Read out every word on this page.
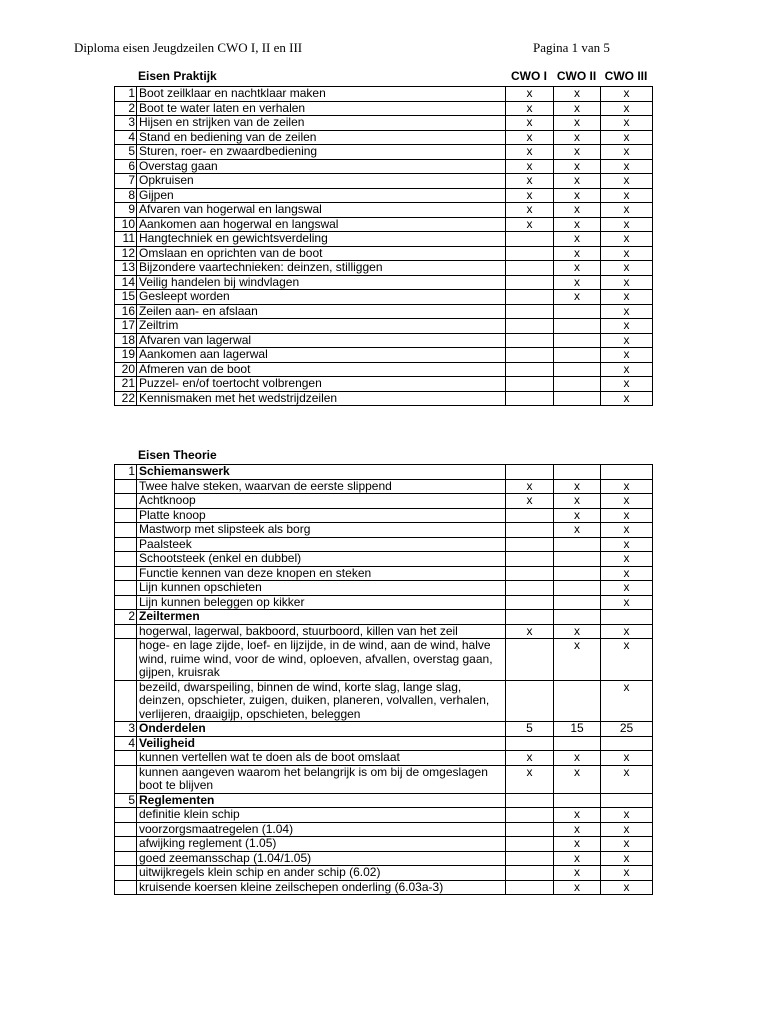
Diploma eisen Jeugdzeilen CWO I, II en III	Pagina 1 van 5
Eisen Praktijk	CWO I CWO II CWO III
1	Boot zeilklaar en nachtklaar maken	x	x	x
2	Boot te water laten en verhalen	x	x	x
3	Hijsen en strijken van de zeilen	x	x	x
4	Stand en bediening van de zeilen	x	x	x
5	Sturen, roer- en zwaardbediening	x	x	x
6	Overstag gaan	x	x	x
7	Opkruisen	x	x	x
8	Gijpen	x	x	x
9	Afvaren van hogerwal en langswal	x	x	x
10	Aankomen aan hogerwal en langswal	x	x	x
11	Hangtechniek en gewichtsverdeling		x	x
12	Omslaan en oprichten van de boot		x	x
13	Bijzondere vaartechnieken: deinzen, stilliggen		x	x
14	Veilig handelen bij windvlagen		x	x
15	Gesleept worden		x	x
16	Zeilen aan- en afslaan			x
17	Zeiltrim			x
18	Afvaren van lagerwal			x
19	Aankomen aan lagerwal			x
20	Afmeren van de boot			x
21	Puzzel- en/of toertocht volbrengen			x
22	Kennismaken met het wedstrijdzeilen			x
Eisen Theorie
1	Schiemanswerk			
	Twee halve steken, waarvan de eerste slippend	x	x	x
	Achtknoop	x	x	x
	Platte knoop		x	x
	Mastworp met slipsteek als borg		x	x
	Paalsteek			x
	Schootsteek (enkel en dubbel)			x
	Functie kennen van deze knopen en steken			x
	Lijn kunnen opschieten			x
	Lijn kunnen beleggen op kikker			x
2	Zeiltermen			
	hogerwal, lagerwal, bakboord, stuurboord, killen van het zeil	x	x	x
	hoge- en lage zijde, loef- en lijzijde, in de wind, aan de wind, halve wind, ruime wind, voor de wind, oploeven, afvallen, overstag gaan, gijpen, kruisrak		x	x
	bezeild, dwarspeiling, binnen de wind, korte slag, lange slag, deinzen, opschieter, zuigen, duiken, planeren, volvallen, verhalen, verlijeren, draaigijp, opschieten, beleggen			x
3	Onderdelen	5	15	25
4	Veiligheid			
	kunnen vertellen wat te doen als de boot omslaat	x	x	x
	kunnen aangeven waarom het belangrijk is om bij de omgeslagen boot te blijven	x	x	x
5	Reglementen			
	definitie klein schip		x	x
	voorzorgsmaatregelen (1.04)		x	x
	afwijking reglement (1.05)		x	x
	goed zeemansschap (1.04/1.05)		x	x
	uitwijkregels klein schip en ander schip (6.02)		x	x
	kruisende koersen kleine zeilschepen onderling (6.03a-3)		x	x
